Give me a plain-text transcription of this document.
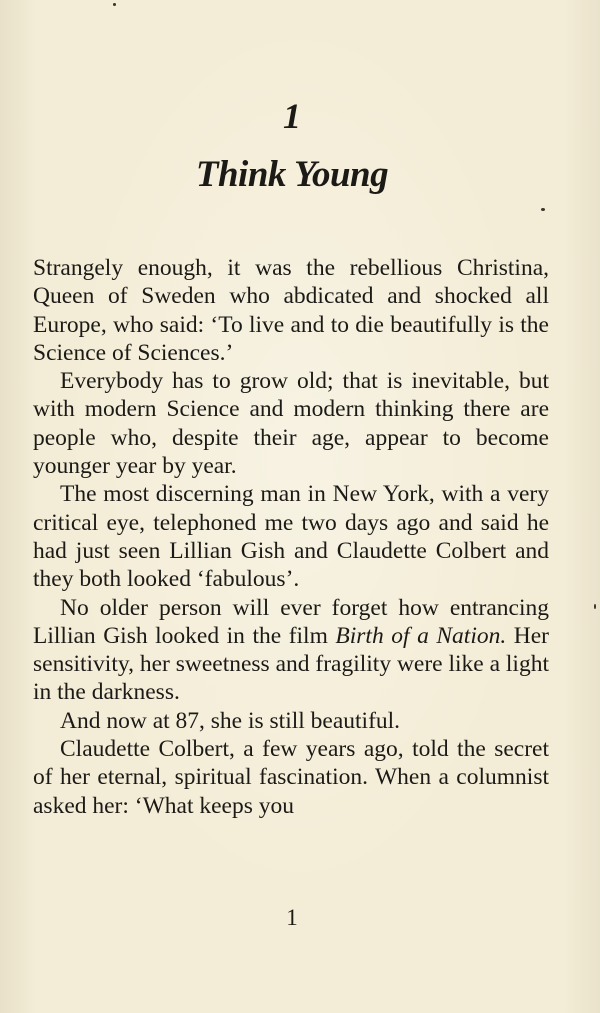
1
Think Young

Strangely enough, it was the rebellious Christina, Queen of Sweden who abdicated and shocked all Europe, who said: ‘To live and to die beautifully is the Science of Sciences.’

Everybody has to grow old; that is inevitable, but with modern Science and modern thinking there are people who, despite their age, appear to become younger year by year.

The most discerning man in New York, with a very critical eye, telephoned me two days ago and said he had just seen Lillian Gish and Claudette Colbert and they both looked ‘fabulous’.

No older person will ever forget how entrancing Lillian Gish looked in the film Birth of a Nation. Her sensitivity, her sweetness and fragility were like a light in the darkness.

And now at 87, she is still beautiful.

Claudette Colbert, a few years ago, told the secret of her eternal, spiritual fascination. When a columnist asked her: ‘What keeps you

1
